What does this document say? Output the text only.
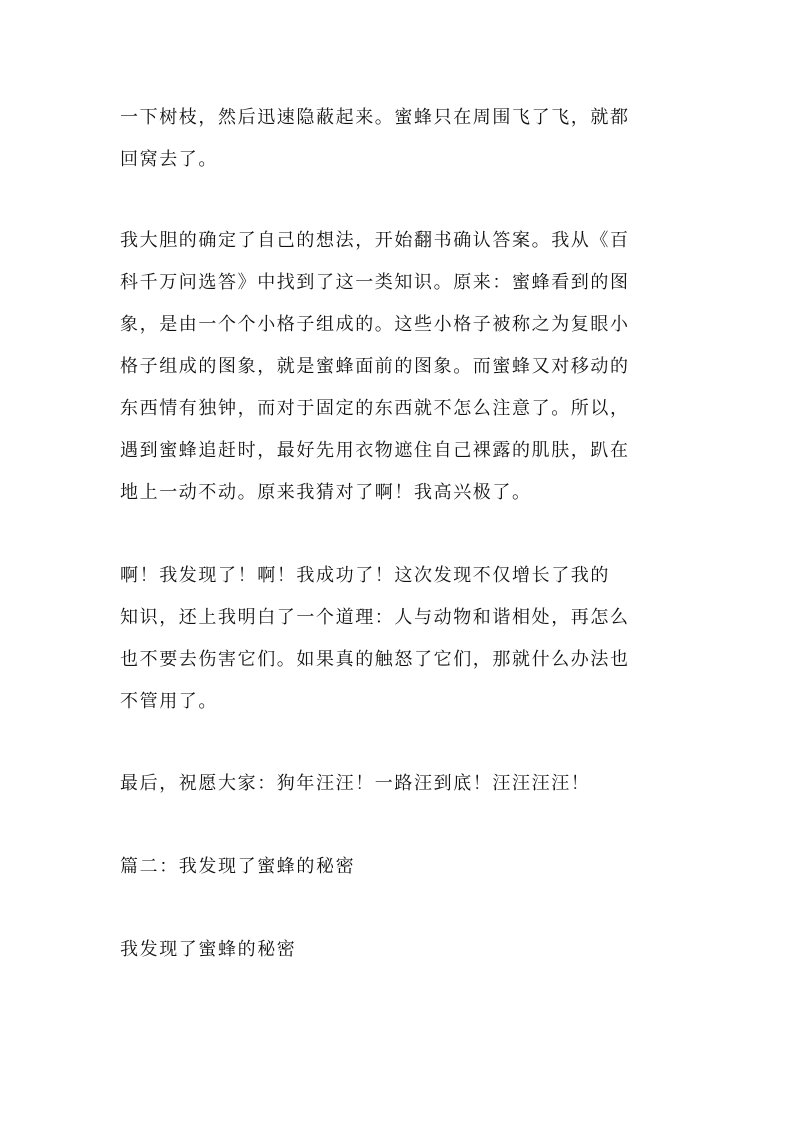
一下树枝，然后迅速隐蔽起来。蜜蜂只在周围飞了飞，就都
回窝去了。
我大胆的确定了自己的想法，开始翻书确认答案。我从《百
科千万问选答》中找到了这一类知识。原来：蜜蜂看到的图
象，是由一个个小格子组成的。这些小格子被称之为复眼小
格子组成的图象，就是蜜蜂面前的图象。而蜜蜂又对移动的
东西情有独钟，而对于固定的东西就不怎么注意了。所以，
遇到蜜蜂追赶时，最好先用衣物遮住自己裸露的肌肤，趴在
地上一动不动。原来我猜对了啊！我高兴极了。
啊！我发现了！啊！我成功了！这次发现不仅增长了我的
知识，还上我明白了一个道理：人与动物和谐相处，再怎么
也不要去伤害它们。如果真的触怒了它们，那就什么办法也
不管用了。
最后，祝愿大家：狗年汪汪！一路汪到底！汪汪汪汪！
篇二：我发现了蜜蜂的秘密
我发现了蜜蜂的秘密
